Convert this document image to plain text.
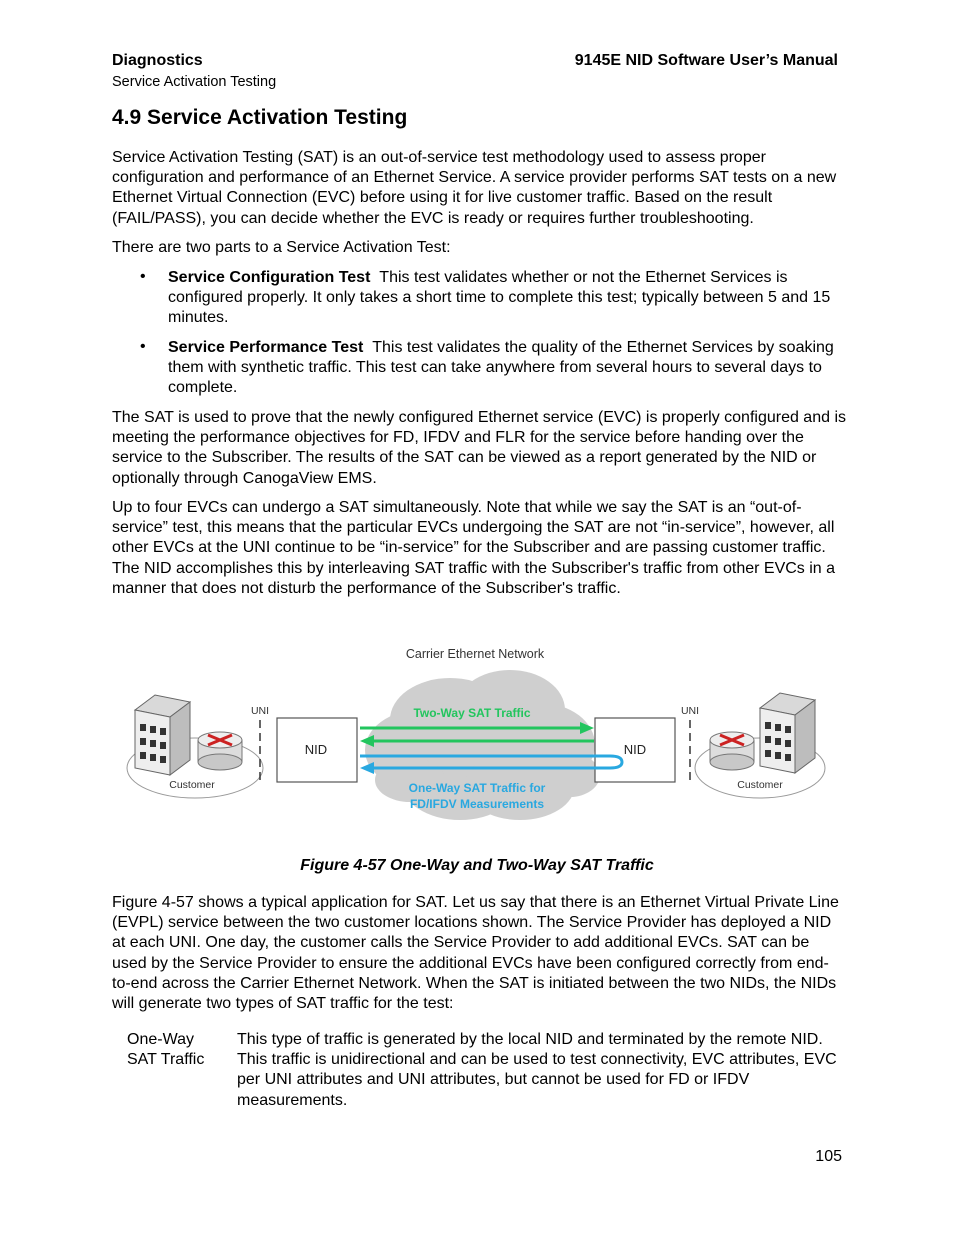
Diagnostics
Service Activation Testing
9145E NID Software User’s Manual
4.9 Service Activation Testing
Service Activation Testing (SAT) is an out-of-service test methodology used to assess proper configuration and performance of an Ethernet Service. A service provider performs SAT tests on a new Ethernet Virtual Connection (EVC) before using it for live customer traffic. Based on the result (FAIL/PASS), you can decide whether the EVC is ready or requires further troubleshooting.
There are two parts to a Service Activation Test:
• Service Configuration Test This test validates whether or not the Ethernet Services is configured properly. It only takes a short time to complete this test; typically between 5 and 15 minutes.
• Service Performance Test This test validates the quality of the Ethernet Services by soaking them with synthetic traffic. This test can take anywhere from several hours to several days to complete.
The SAT is used to prove that the newly configured Ethernet service (EVC) is properly configured and is meeting the performance objectives for FD, IFDV and FLR for the service before handing over the service to the Subscriber. The results of the SAT can be viewed as a report generated by the NID or optionally through CanogaView EMS.
Up to four EVCs can undergo a SAT simultaneously. Note that while we say the SAT is an “out-of-service” test, this means that the particular EVCs undergoing the SAT are not “in-service”, however, all other EVCs at the UNI continue to be “in-service” for the Subscriber and are passing customer traffic. The NID accomplishes this by interleaving SAT traffic with the Subscriber's traffic from other EVCs in a manner that does not disturb the performance of the Subscriber's traffic.
Carrier Ethernet Network
Customer
UNI
NID	NID
UNI
Customer
Two-Way SAT Traffic
One-Way SAT Traffic for
FD/IFDV Measurements
Figure 4-57 One-Way and Two-Way SAT Traffic
Figure 4-57 shows a typical application for SAT. Let us say that there is an Ethernet Virtual Private Line (EVPL) service between the two customer locations shown. The Service Provider has deployed a NID at each UNI. One day, the customer calls the Service Provider to add additional EVCs. SAT can be used by the Service Provider to ensure the additional EVCs have been configured correctly from end-to-end across the Carrier Ethernet Network. When the SAT is initiated between the two NIDs, the NIDs will generate two types of SAT traffic for the test:
One-Way
SAT Traffic
This type of traffic is generated by the local NID and terminated by the remote NID. This traffic is unidirectional and can be used to test connectivity, EVC attributes, EVC per UNI attributes and UNI attributes, but cannot be used for FD or IFDV measurements.
105
